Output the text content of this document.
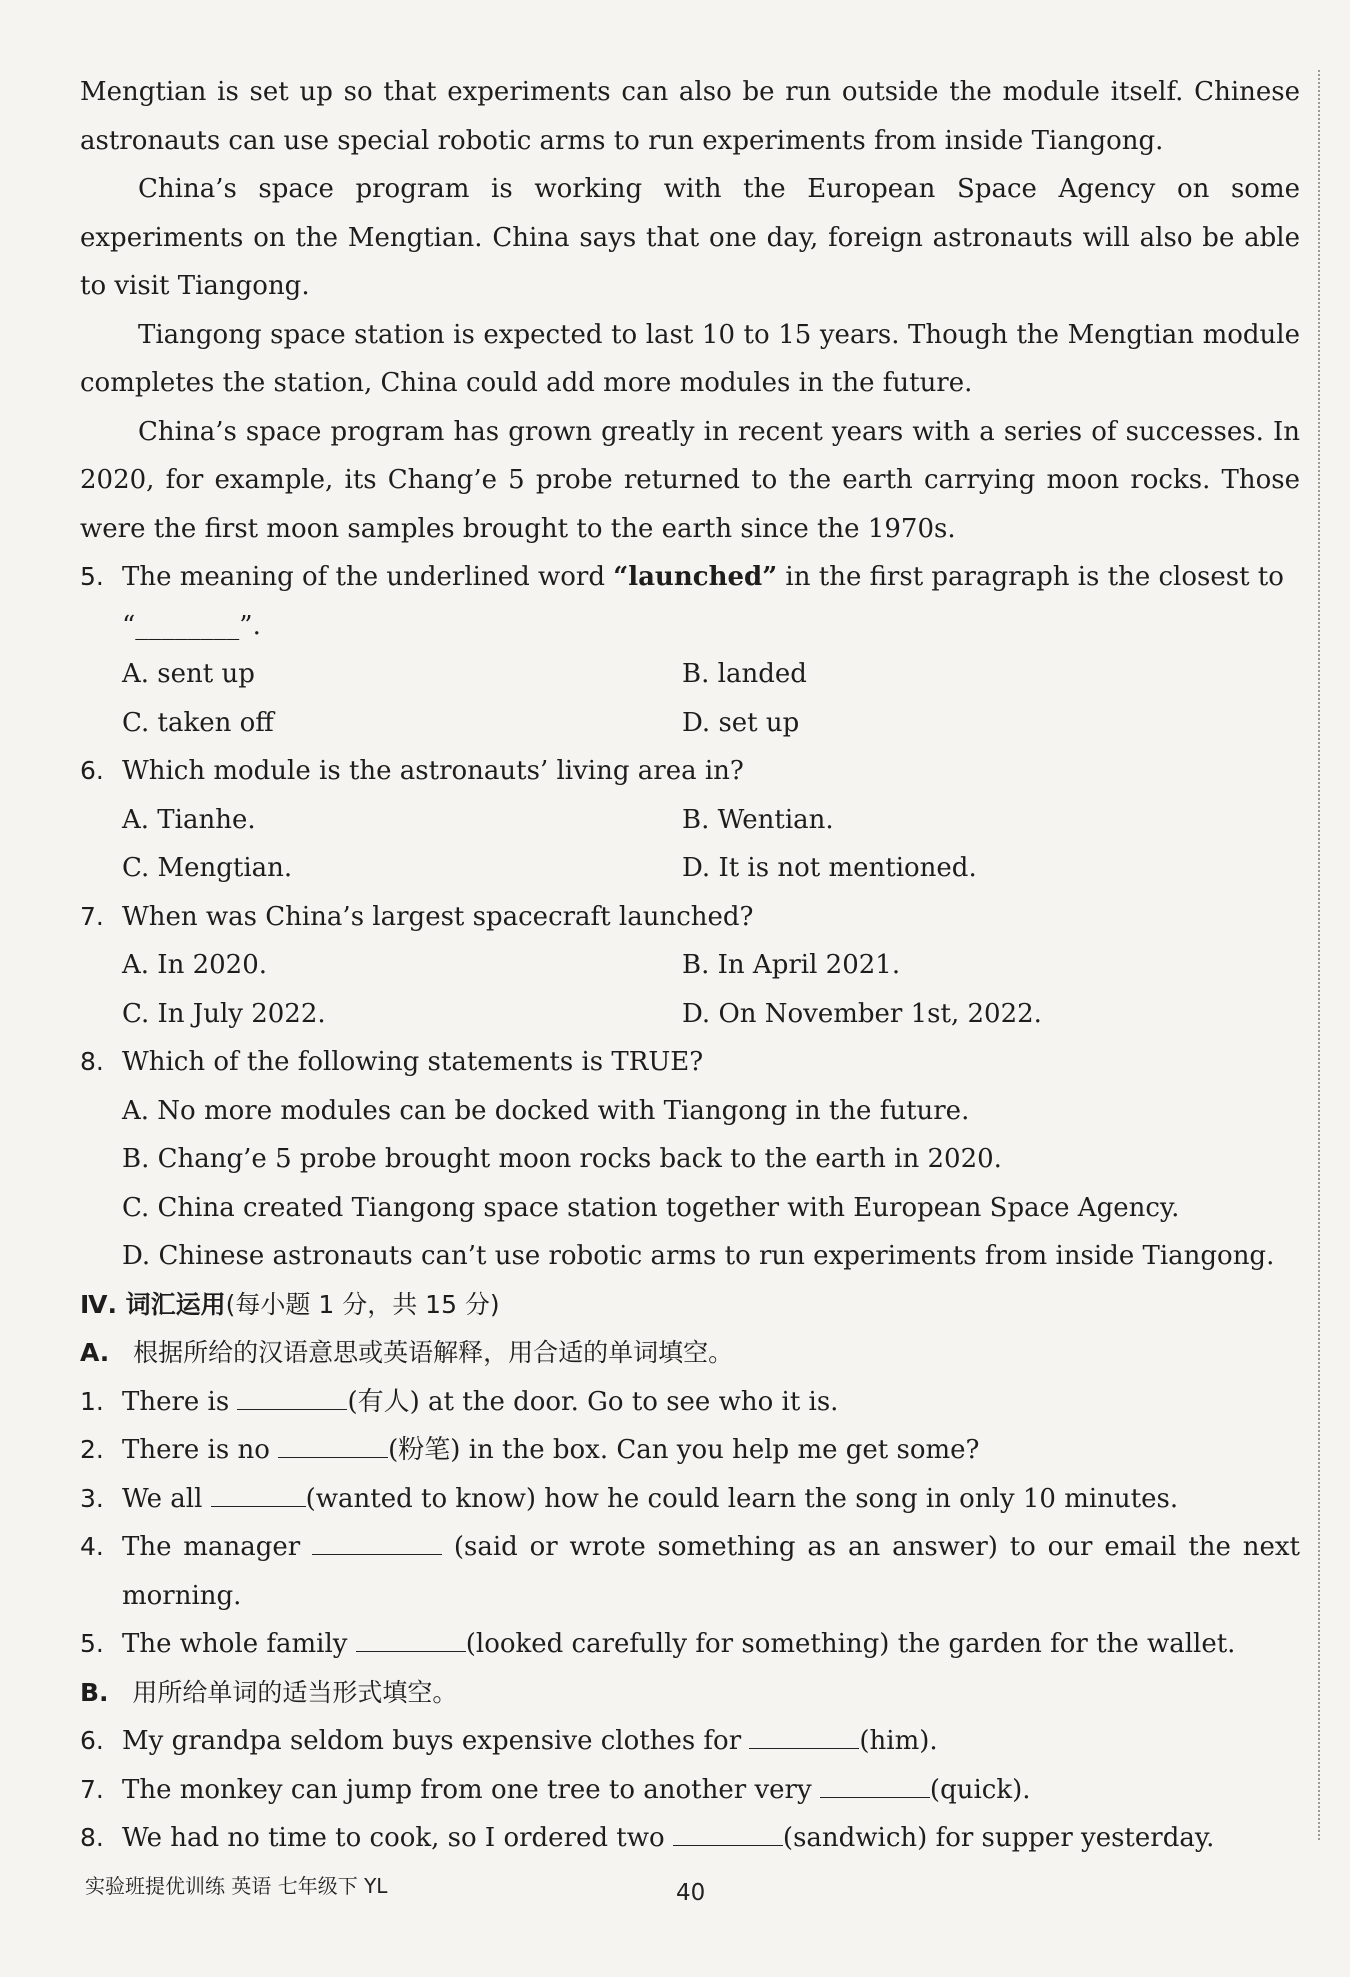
Mengtian is set up so that experiments can also be run outside the module itself. Chinese astronauts can use special robotic arms to run experiments from inside Tiangong.

China’s space program is working with the European Space Agency on some experiments on the Mengtian. China says that one day, foreign astronauts will also be able to visit Tiangong.

Tiangong space station is expected to last 10 to 15 years. Though the Mengtian module completes the station, China could add more modules in the future.

China’s space program has grown greatly in recent years with a series of successes. In 2020, for example, its Chang’e 5 probe returned to the earth carrying moon rocks. Those were the first moon samples brought to the earth since the 1970s.

5. The meaning of the underlined word “launched” in the first paragraph is the closest to
“________”.
A. sent up	B. landed
C. taken off	D. set up
6. Which module is the astronauts’ living area in?
A. Tianhe.	B. Wentian.
C. Mengtian.	D. It is not mentioned.
7. When was China’s largest spacecraft launched?
A. In 2020.	B. In April 2021.
C. In July 2022.	D. On November 1st, 2022.
8. Which of the following statements is TRUE?
A. No more modules can be docked with Tiangong in the future.
B. Chang’e 5 probe brought moon rocks back to the earth in 2020.
C. China created Tiangong space station together with European Space Agency.
D. Chinese astronauts can’t use robotic arms to run experiments from inside Tiangong.

Ⅳ. 词汇运用(每小题 1 分，共 15 分)

A. 根据所给的汉语意思或英语解释，用合适的单词填空。

1. There is	(有人) at the door. Go to see who it is.
2. There is no	(粉笔) in the box. Can you help me get some?
3. We all	(wanted to know) how he could learn the song in only 10 minutes.
4. The manager	(said or wrote something as an answer) to our email the next morning.
5. The whole family	(looked carefully for something) the garden for the wallet.

B. 用所给单词的适当形式填空。

6. My grandpa seldom buys expensive clothes for	(him).
7. The monkey can jump from one tree to another very	(quick).
8. We had no time to cook, so I ordered two	(sandwich) for supper yesterday.
实验班提优训练 英语 七年级下 YL	40
